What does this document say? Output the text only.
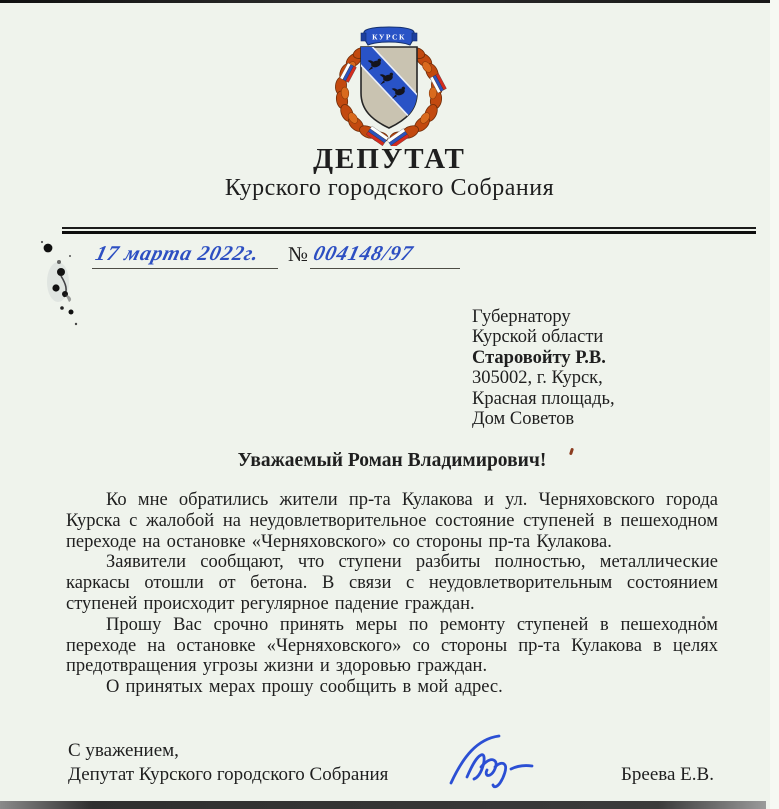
КУРСК
ДЕПУТАТ
Курского городского Собрания
17 марта 2022г.	№ 004148/97
Губернатору
Курской области
Старовойту Р.В.
305002, г. Курск,
Красная площадь,
Дом Советов
Уважаемый Роман Владимирович!

Ко мне обратились жители пр-та Кулакова и ул. Черняховского города Курска с жалобой на неудовлетворительное состояние ступеней в пешеходном переходе на остановке «Черняховского» со стороны пр-та Кулакова.

Заявители сообщают, что ступени разбиты полностью, металлические каркасы отошли от бетона. В связи с неудовлетворительным состоянием ступеней происходит регулярное падение граждан.

Прошу Вас срочно принять меры по ремонту ступеней в пешеходном переходе на остановке «Черняховского» со стороны пр-та Кулакова в целях предотвращения угрозы жизни и здоровью граждан.

О принятых мерах прошу сообщить в мой адрес.

С уважением,
Депутат Курского городского Собрания	Бреева Е.В.
